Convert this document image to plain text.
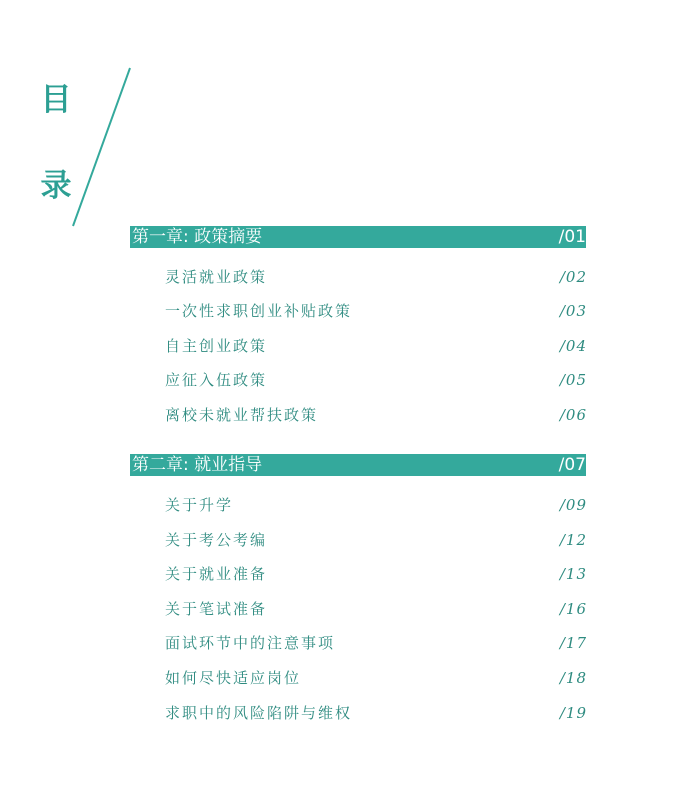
目
录
第一章: 政策摘要	/01
灵活就业政策	/02
一次性求职创业补贴政策	/03
自主创业政策	/04
应征入伍政策	/05
离校未就业帮扶政策	/06
第二章: 就业指导	/07
关于升学	/09
关于考公考编	/12
关于就业准备	/13
关于笔试准备	/16
面试环节中的注意事项	/17
如何尽快适应岗位	/18
求职中的风险陷阱与维权	/19
